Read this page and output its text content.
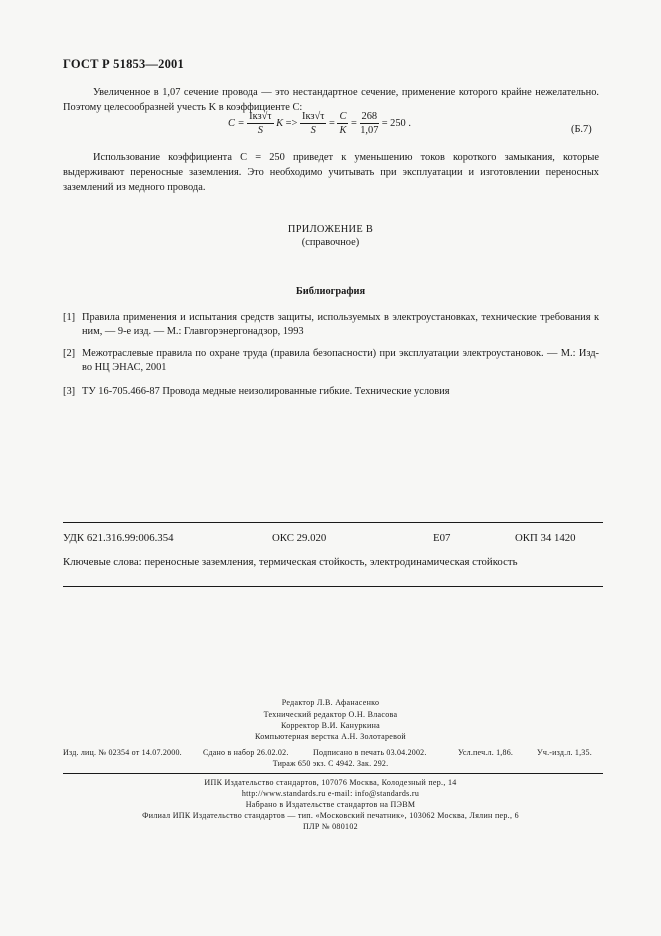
ГОСТ Р 51853—2001
Увеличенное в 1,07 сечение провода — это нестандартное сечение, применение которого крайне нежелательно. Поэтому целесообразней учесть K в коэффициенте C:
$C = \frac{\text{Iкз√τ}}{S}$ $K => \frac{\text{Iкз√τ}}{S} = \frac{C}{K} = \frac{268}{1,07} = 250$ .
(Б.7)
Использование коэффициента C = 250 приведет к уменьшению токов короткого замыкания, которые выдерживают переносные заземления. Это необходимо учитывать при эксплуатации и изготовлении переносных заземлений из медного провода.
ПРИЛОЖЕНИЕ В
(справочное)
Библиография
[1] Правила применения и испытания средств защиты, используемых в электроустановках, технические требования к ним, — 9-е изд. — М.: Главгорэнергонадзор, 1993
[2] Межотраслевые правила по охране труда (правила безопасности) при эксплуатации электроустановок. — М.: Изд-во НЦ ЭНАС, 2001
[3] ТУ 16-705.466-87 Провода медные неизолированные гибкие. Технические условия
УДК 621.316.99:006.354	ОКС 29.020	Е07	ОКП 34 1420
Ключевые слова: переносные заземления, термическая стойкость, электродинамическая стойкость
Редактор Л.В. Афанасенко
Технический редактор О.Н. Власова
Корректор В.И. Кануркина
Компьютерная верстка А.Н. Золотаревой
Изд. лиц. № 02354 от 14.07.2000.	Сдано в набор 26.02.02.	Подписано в печать 03.04.2002.	Усл.печ.л. 1,86.	Уч.-изд.л. 1,35.
Тираж 650 экз. С 4942. Зак. 292.
ИПК Издательство стандартов, 107076 Москва, Колодезный пер., 14
http://www.standards.ru e-mail: info@standards.ru
Набрано в Издательстве стандартов на ПЭВМ
Филиал ИПК Издательство стандартов — тип. «Московский печатник», 103062 Москва, Лялин пер., 6
ПЛР № 080102
